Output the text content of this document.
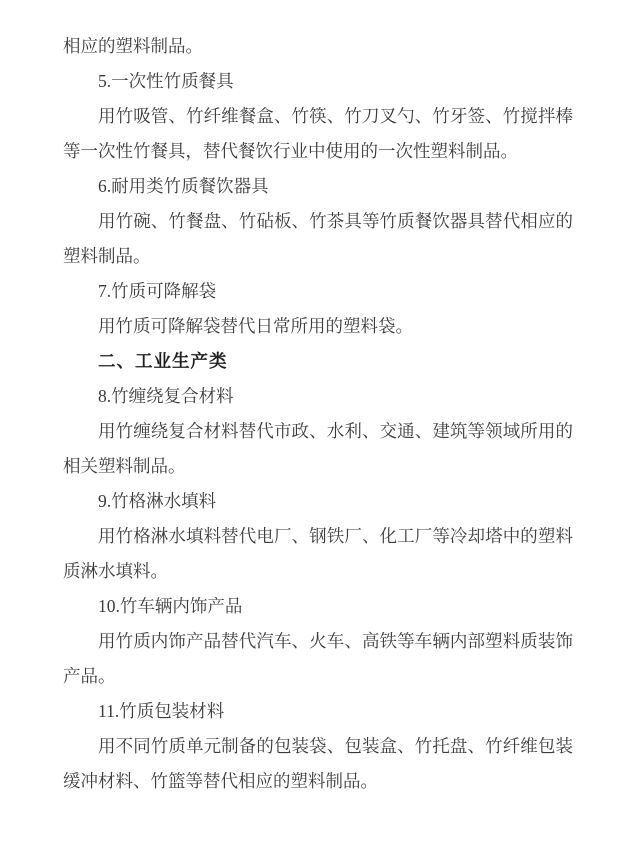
相应的塑料制品。

5.一次性竹质餐具

用竹吸管、竹纤维餐盒、竹筷、竹刀叉勺、竹牙签、竹搅拌棒等一次性竹餐具，替代餐饮行业中使用的一次性塑料制品。

6.耐用类竹质餐饮器具

用竹碗、竹餐盘、竹砧板、竹茶具等竹质餐饮器具替代相应的塑料制品。

7.竹质可降解袋

用竹质可降解袋替代日常所用的塑料袋。

二、工业生产类

8.竹缠绕复合材料

用竹缠绕复合材料替代市政、水利、交通、建筑等领域所用的相关塑料制品。

9.竹格淋水填料

用竹格淋水填料替代电厂、钢铁厂、化工厂等冷却塔中的塑料质淋水填料。

10.竹车辆内饰产品

用竹质内饰产品替代汽车、火车、高铁等车辆内部塑料质装饰产品。

11.竹质包装材料

用不同竹质单元制备的包装袋、包装盒、竹托盘、竹纤维包装缓冲材料、竹篮等替代相应的塑料制品。
